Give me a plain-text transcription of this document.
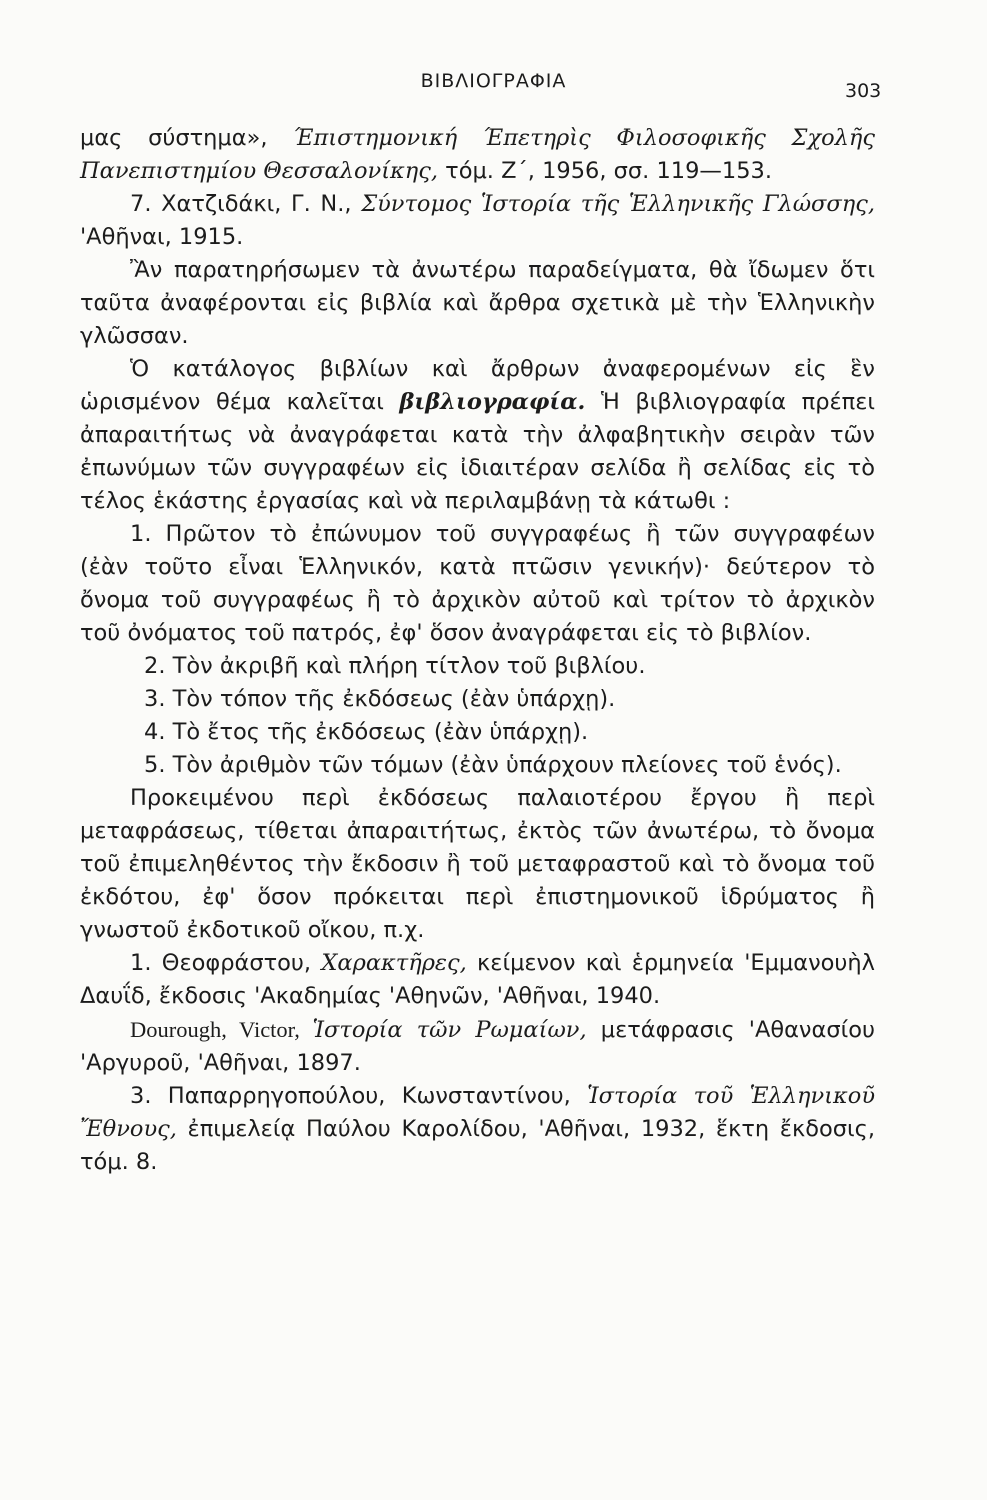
ΒΙΒΛΙΟΓΡΑΦΙΑ	303

μας σύστημα», Έπιστημονική Έπετηρὶς Φιλοσοφικῆς Σχολῆς Πανεπιστημίου Θεσσαλονίκης, τόμ. Ζ΄, 1956, σσ. 119—153.

7. Χατζιδάκι, Γ. Ν., Σύντομος Ἱστορία τῆς Ἑλληνικῆς Γλώσσης, 'Αθῆναι, 1915.

Ἂν παρατηρήσωμεν τὰ ἀνωτέρω παραδείγματα, θὰ ἴδωμεν ὅτι ταῦτα ἀναφέρονται εἰς βιβλία καὶ ἄρθρα σχετικὰ μὲ τὴν Ἑλληνικὴν γλῶσσαν.

Ὁ κατάλογος βιβλίων καὶ ἄρθρων ἀναφερομένων εἰς ἓν ὡρισμένον θέμα καλεῖται βιβλιογραφία. Ἡ βιβλιογραφία πρέπει ἀπαραιτήτως νὰ ἀναγράφεται κατὰ τὴν ἀλφαβητικὴν σειρὰν τῶν ἐπωνύμων τῶν συγγραφέων εἰς ἰδιαιτέραν σελίδα ἢ σελίδας εἰς τὸ τέλος ἑκάστης ἐργασίας καὶ νὰ περιλαμβάνῃ τὰ κάτωθι :

1. Πρῶτον τὸ ἐπώνυμον τοῦ συγγραφέως ἢ τῶν συγγραφέων (ἐὰν τοῦτο εἶναι Ἑλληνικόν, κατὰ πτῶσιν γενικήν)· δεύτερον τὸ ὄνομα τοῦ συγγραφέως ἢ τὸ ἀρχικὸν αὐτοῦ καὶ τρίτον τὸ ἀρχικὸν τοῦ ὀνόματος τοῦ πατρός, ἐφ' ὅσον ἀναγράφεται εἰς τὸ βιβλίον.

2. Τὸν ἀκριβῆ καὶ πλήρη τίτλον τοῦ βιβλίου.

3. Τὸν τόπον τῆς ἐκδόσεως (ἐὰν ὑπάρχῃ).

4. Τὸ ἔτος τῆς ἐκδόσεως (ἐὰν ὑπάρχῃ).

5. Τὸν ἀριθμὸν τῶν τόμων (ἐὰν ὑπάρχουν πλείονες τοῦ ἑνός).

Προκειμένου περὶ ἐκδόσεως παλαιοτέρου ἔργου ἢ περὶ μεταφράσεως, τίθεται ἀπαραιτήτως, ἐκτὸς τῶν ἀνωτέρω, τὸ ὄνομα τοῦ ἐπιμεληθέντος τὴν ἔκδοσιν ἢ τοῦ μεταφραστοῦ καὶ τὸ ὄνομα τοῦ ἐκδότου, ἐφ' ὅσον πρόκειται περὶ ἐπιστημονικοῦ ἱδρύματος ἢ γνωστοῦ ἐκδοτικοῦ οἴκου, π.χ.

1. Θεοφράστου, Χαρακτῆρες, κείμενον καὶ ἑρμηνεία 'Εμμανουὴλ Δαυΐδ, ἔκδοσις 'Ακαδημίας 'Αθηνῶν, 'Αθῆναι, 1940.

Dourough, Victor, Ἱστορία τῶν Ρωμαίων, μετάφρασις 'Αθανασίου 'Αργυροῦ, 'Αθῆναι, 1897.

3. Παπαρρηγοπούλου, Κωνσταντίνου, Ἱστορία τοῦ Ἑλληνικοῦ Ἔθνους, ἐπιμελείᾳ Παύλου Καρολίδου, 'Αθῆναι, 1932, ἕκτη ἔκδοσις, τόμ. 8.
